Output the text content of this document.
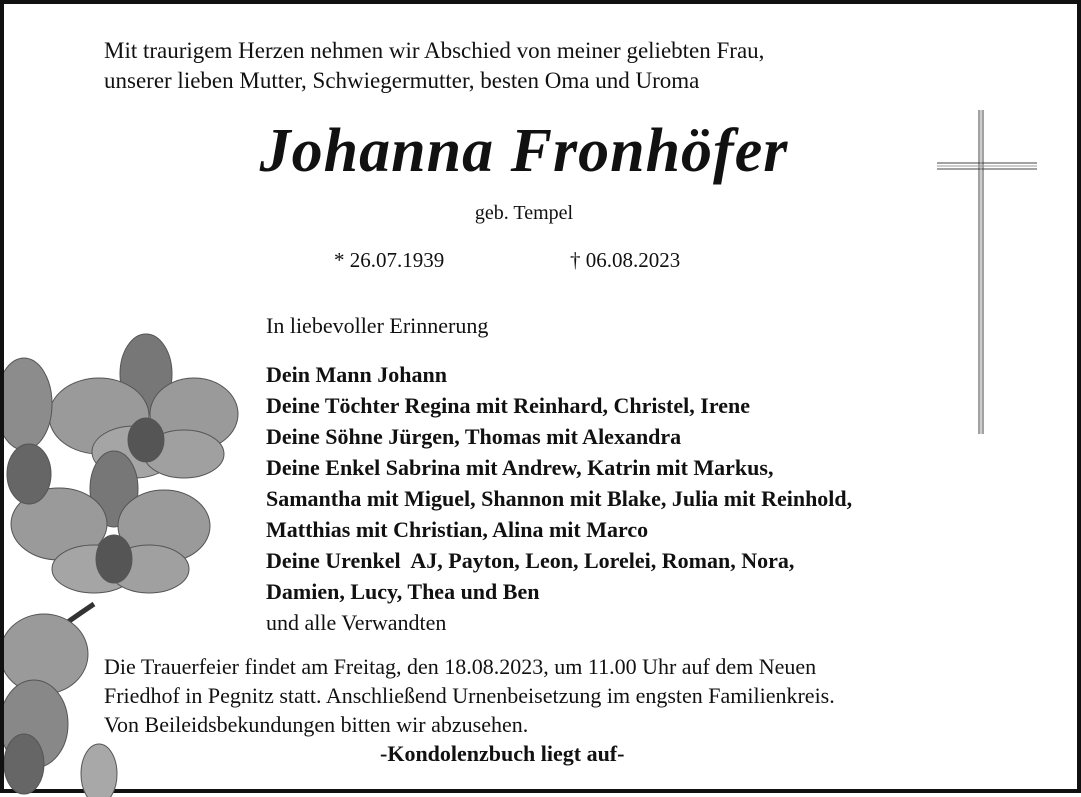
Mit traurigem Herzen nehmen wir Abschied von meiner geliebten Frau,
unserer lieben Mutter, Schwiegermutter, besten Oma und Uroma
Johanna Fronhöfer
geb. Tempel
* 26.07.1939	† 06.08.2023
In liebevoller Erinnerung
Dein Mann Johann
Deine Töchter Regina mit Reinhard, Christel, Irene
Deine Söhne Jürgen, Thomas mit Alexandra
Deine Enkel Sabrina mit Andrew, Katrin mit Markus,
Samantha mit Miguel, Shannon mit Blake, Julia mit Reinhold,
Matthias mit Christian, Alina mit Marco
Deine Urenkel  AJ, Payton, Leon, Lorelei, Roman, Nora,
Damien, Lucy, Thea und Ben
und alle Verwandten
Die Trauerfeier findet am Freitag, den 18.08.2023, um 11.00 Uhr auf dem Neuen
Friedhof in Pegnitz statt. Anschließend Urnenbeisetzung im engsten Familienkreis.
Von Beileidsbekundungen bitten wir abzusehen.
-Kondolenzbuch liegt auf-
